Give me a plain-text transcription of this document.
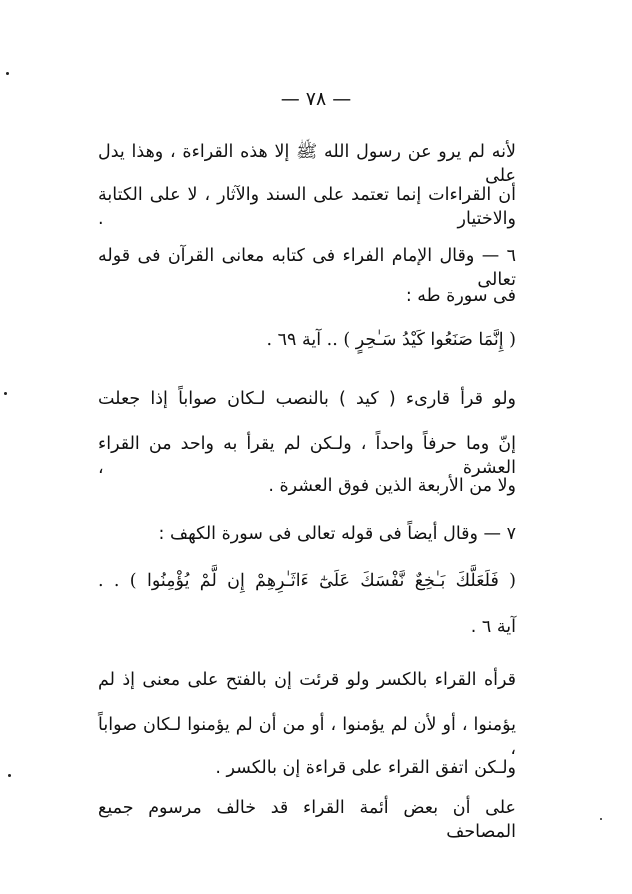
— ٧٨ —
لأنه لم يرو عن رسول الله ﷺ إلا هذه القراءة ، وهذا يدل على
أن القراءات إنما تعتمد على السند والآثار ، لا على الكتابة والاختيار .
٦ — وقال الإمام الفراء فى كتابه معانى القرآن فى قوله تعالى
فى سورة طه :
( إِنَّمَا صَنَعُوا كَيْدُ سَـٰحِرٍ ) .. آية ٦٩ .
ولو قرأ قارىء ( كيد ) بالنصب لـكان صواباً إذا جعلت
إنّ وما حرفاً واحداً ، ولـكن لم يقرأ به واحد من القراء العشرة ،
ولا من الأربعة الذين فوق العشرة .
٧ — وقال أيضاً فى قوله تعالى فى سورة الكهف :
( فَلَعَلَّكَ بَـٰخِعٌ نَّفْسَكَ عَلَىٰٓ ءَاثَـٰرِهِمْ إِن لَّمْ يُؤْمِنُوا ) . .
آية ٦ .
قرأه القراء بالكسر ولو قرئت إن بالفتح على معنى إذ لم
يؤمنوا ، أو لأن لم يؤمنوا ، أو من أن لم يؤمنوا لـكان صواباً ،
ولـكن اتفق القراء على قراءة إن بالكسر .
على أن بعض أئمة القراء قد خالف مرسوم جميع المصاحف
